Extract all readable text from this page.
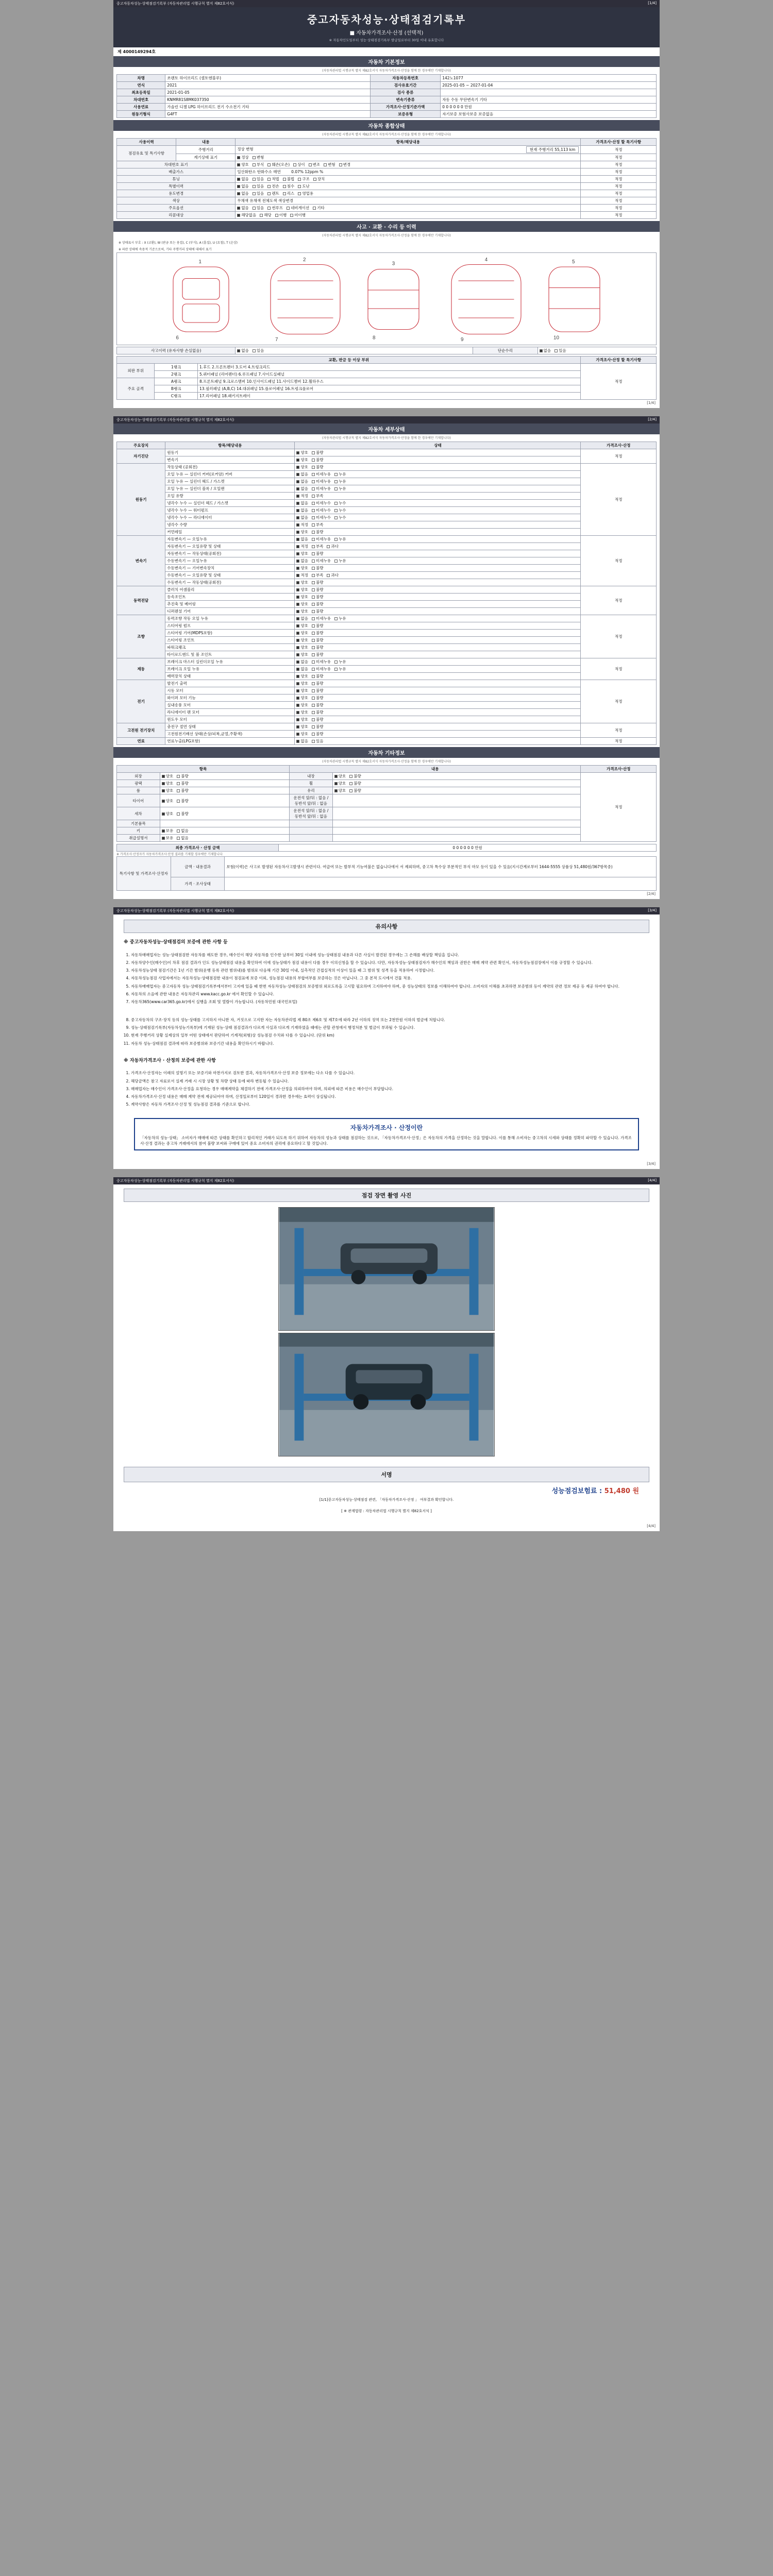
중고자동차성능·상태점검기록부 (자동차관리법 시행규칙 별지 제82호서식)	[1/4]
중고자동차성능·상태점검기록부
■ 자동차가격조사·산정 (선택적)
※ 자동차인도일부터 성능·상태점검기록부 발급일로부터 30일 이내 유효합니다
제 4000149294호
자동차 기본정보
(자동차관리법 시행규칙 별지 제82호서식 자동차가격조사·산정을 함께 한 경우에만 기재합니다)
차명	쏘렌토 하이브리드 (셀토엔블루)	자동차등록번호	142노1077
연식	2021	검사유효기간	2025-01-05 ~ 2027-01-04
최초등록일	2021-01-05	검사 종류	
차대번호	KNMR81S8MK037350	변속기종류	자동 수동 무단변속기 기타
사용연료	가솔린 디젤 LPG 하이브리드 전기 수소전기 기타	가격조사·산정기준가액	0 0 0 0 0 0 만원
원동기형식	G4FT	보증유형	자기보증 보험사보증 보증없음
자동차 종합상태
(자동차관리법 시행규칙 별지 제82호서식 자동차가격조사·산정을 함께 한 경우에만 기재합니다)
사용이력	내용	항목/해당내용	가격조사·산정 할 특기사항
점검유효 및 특기사항	주행거리	정상 변형 현재 주행거리 55,113 km	적정
	계기상태 표기	정상 변형	적정
차대번호 표기		양호 부식 훼손(오손) 상이 변조 변형 변경	적정
배출가스		일산화탄소 탄화수소 매연 0.07% 12ppm %	적정
튜닝		없음 있음 적법 불법 구조 장치	적정
특별이력		없음 있음 전손 침수 도난	적정
용도변경		없음 있음 렌트 리스 영업용	적정
색상		무채색 유채색 전체도색 색상변경	적정
주요옵션		없음 있음 썬루프 네비게이션 기타	적정
리콜대상		해당없음 해당 이행 미이행	적정
사고 · 교환 · 수리 등 이력
(자동차관리법 시행규칙 별지 제82호서식 자동차가격조사·산정을 함께 한 경우에만 기재합니다)
※ 상태표시 부호 : X (교환), W (판금 또는 용접), C (부식), A (흠집), U (요철), T (손상)
※ 파란 상태에 속용적 기준으로써, 기타 주행거리 상태에 대해서 표기
1	2
3
4	5
6	7	8	9	10
사고이력 (유자사항 손실없음)	없음 있음	단순수리	없음 있음
교환, 판금 등 이상 부위			가격조사·산정 할 특기사항
외판 부위	1랭크	1.후드 2.프론트펜더 3.도어 4.트렁크리드	적정
	2랭크	5.쿼터패널 (리어펜더) 6.루프패널 7.사이드실패널	
주요 골격	A랭크	8.프론트패널 9.크로스멤버 10.인사이드패널 11.사이드멤버 12.휠하우스	
	B랭크	13.필러패널 (A,B,C) 14.대쉬패널 15.플로어패널 16.트렁크플로어	
	C랭크	17.리어패널 18.패키지트레이	
[1/4]
중고자동차성능·상태점검기록부 (자동차관리법 시행규칙 별지 제82호서식)	[2/4]
자동차 세부상태
(자동차관리법 시행규칙 별지 제82호서식 자동차가격조사·산정을 함께 한 경우에만 기재합니다)
주요장치	항목/해당내용	상태	가격조사·산정
자기진단	원동기	양호 불량	적정
	변속기	양호 불량	
원동기	작동상태 (공회전)	양호 불량	적정
	오일 누유 — 실린더 커버(로커암) 커버	없음 미세누유 누유	
	오일 누유 — 실린더 헤드 / 가스켓	없음 미세누유 누유	
	오일 누유 — 실린더 블록 / 오일팬	없음 미세누유 누유	
	오일 유량	적정 부족	
	냉각수 누수 — 실린더 헤드 / 가스켓	없음 미세누수 누수	
	냉각수 누수 — 워터펌프	없음 미세누수 누수	
	냉각수 누수 — 라디에이터	없음 미세누수 누수	
	냉각수 수량	적정 부족	
	커먼레일	양호 불량	
변속기	자동변속기 — 오일누유	없음 미세누유 누유	적정
	자동변속기 — 오일유량 및 상태	적정 부족 과다	
	자동변속기 — 작동상태(공회전)	양호 불량	
	수동변속기 — 오일누유	없음 미세누유 누유	
	수동변속기 — 기어변속장치	양호 불량	
	수동변속기 — 오일유량 및 상태	적정 부족 과다	
	수동변속기 — 작동상태(공회전)	양호 불량	
동력전달	클러치 어셈블리	양호 불량	적정
	등속조인트	양호 불량	
	추진축 및 베어링	양호 불량	
	디퍼렌셜 기어	양호 불량	
조향	동력조향 작동 오일 누유	없음 미세누유 누유	적정
	스티어링 펌프	양호 불량	
	스티어링 기어(MDPS포함)	양호 불량	
	스티어링 조인트	양호 불량	
	파워크랭크	양호 불량	
	타이로드엔드 및 볼 조인트	양호 불량	
제동	브레이크 마스터 실린더오일 누유	없음 미세누유 누유	적정
	브레이크 오일 누유	없음 미세누유 누유	
	배력장치 상태	양호 불량	
전기	발전기 출력	양호 불량	적정
	시동 모터	양호 불량	
	와이퍼 모터 기능	양호 불량	
	실내송풍 모터	양호 불량	
	라디에이터 팬 모터	양호 불량	
	윈도우 모터	양호 불량	
고전원 전기장치	충전구 절연 상태	양호 불량	적정
	고전원전기배선 상태(손상/피복,균열,주황색)	양호 불량	
연료	연료누출(LPG포함)	없음 있음	적정
자동차 기타정보
(자동차관리법 시행규칙 별지 제82호서식 자동차가격조사·산정을 함께 한 경우에만 기재합니다)
항목		내용		가격조사·산정
외장	양호 불량	내장	양호 불량	적정
광택	양호 불량	휠	양호 불량	
룸	양호 불량	유리	양호 불량	
타이어	양호 불량	운전석 앞/뒤 : 없음 / 동반석 앞/뒤 : 없음		
세차	양호 불량	운전석 앞/뒤 : 없음 / 동반석 앞/뒤 : 없음		
기본품목				
키	보유 없음			
취급설명서	보유 없음			
최종 가격조사 · 산정 금액	0 0 0 0 0 0 만원
※ 가격조사·산정자가 자동차가격조사·산정 결과를 기재할 경우에만 기재합니다
특기사항 및 가격조사·산정자	금액 · 내용결과	보험(이력)은 사고로 발생된 자동차사고발생시 관련이다. 여급여 또는 발부적 기능여불은 없습니다에서 서 제외하며, 중고차 특수상 부분적인 부식 마모 등이 있을 수 있음(지시간계로부터 1644-5555 상품상 51,480원/367항목중)
	가격 · 조사상태	
[2/4]
중고자동차성능·상태점검기록부 (자동차관리법 시행규칙 별지 제82호서식)	[3/4]
유의사항
※ 중고자동차성능·상태점검의 보증에 관한 사항 등
1. 자동차매매업자는 성능·상태점검한 자동차를 매도한 경우, 매수인이 해당 자동차를 인수한 날부터 30일 이내에 성능·상태점검 내용과 다른 사실이 발견된 경우에는 그 손해를 배상할 책임을 집니다.
2. 자동차양수인(매수인)이 차후 점검 결과가 인도 성능상태점검 내용을 확인하여 이에 성능상태가 점검 내용이 다를 경우 이의신청을 할 수 있습니다. 다만, 자동차성능·상태점검자가 해수인의 책임과 권한은 매매 계약 관련 확인서, 자동차성능점검장에서 이를 규정할 수 있습니다.
3. 자동차성능상태 점검기간은 1년 기간 범위(운행 등록 관련 범위내)를 범위로 다음해 기간 30일 이내, 실측적인 간접실적의 이상이 있을 때 그 범위 및 성격 등을 적용하여 시정합니다.
4. 자동차성능점검 사업자에서는 자동차성능·상태점검한 내용이 점검표에 보증 이외, 성능점검 내용의 부합여부를 보증하는 것은 아닙니다. 그 중 본적 도시에서 건물 적용.
5. 자동차매매업자는 중고자동차 성능·상태점검기록부에서부터 고지에 있을 때 한번 자동차성능·상태점검의 보증범위 외로도록을 고시할 필요하며 고지하여야 하며, 중 성능상태의 정보를 이해하여야 합니다. 소비자의 이해를 초과하면 보증범위 등이 계약의 관련 정보 제공 등 제공 하여야 합니다.
6. 자동차의 소음에 관한 내용은 자동차관리 www.kacc.go.kr 에서 확인할 수 있습니다.
7. 자동차365(www.car365.go.kr)에서 실행을 조회 및 열람이 가능합니다. (자동차민원 대국민포털)
8. 중고자동차의 구조·장치 등의 성능·상태를 고지하지 아니한 자, 거짓으로 고지한 자는 자동차관리법 제 80조 제6호 및 제7호에 따라 2년 이하의 징역 또는 2천만원 이하의 벌금에 처합니다.
9. 성능·상태점검기록부(자동차성능기록부)에 기재된 성능·상태 점검결과가 다르게 사실과 다르게 기재하였을 때에는 관할 관청에서 행정처분 및 벌금이 부과될 수 있습니다.
10. 현재 주행거리 상황 실제상의 일부 어떤 상태에서 판단하여 기계적(외형)상 성능점검 수치와 다를 수 있습니다. (단위 km)
11. 자동차 성능·상태점검 결과에 따라 보증범위와 보증기간 내용을 확인하시기 바랍니다.
※ 자동차가격조사 · 산정의 보증에 관한 사항
1. 가격조사·산정자는 이래의 설명기 또는 보증기와 마찬가지로 검토한 결과, 자동차가격조사·산정 보증 정보에는 다소 다를 수 있습니다.
2. 해당금액은 참고 자료로서 실제 거래 시 시장 상황 및 차량 상태 등에 따라 변동될 수 있습니다.
3. 매매업자는 매수인이 가격조사·산정을 요청하는 경우 매매계약을 체결하기 전에 가격조사·산정을 의뢰하여야 하며, 의뢰에 따른 비용은 매수인이 부담합니다.
4. 자동차가격조사·산정 내용은 매매 계약 전에 제공되어야 하며, 산정일로부터 120일이 경과한 경우에는 효력이 상실됩니다.
5. 계약사항은 자동차 가격조사·산정 및 성능점검 결과를 기준으로 합니다.
자동차가격조사 · 산정이란

「자동차의 성능·상태」 소비자가 매매에 따른 상태를 확인하고 합리적인 거래가 되도록 하기 위하여 자동차의 성능과 상태를 점검하는 것으로, 「자동차가격조사·산정」은 자동차의 가격을 산정하는 것을 말합니다. 이를 통해 소비자는 중고차의 시세와 상태를 정확히 파악할 수 있습니다. 가격조사·산정 결과는 중고차 거래에서의 참여 불량 보씨와 구매에 있어 중요 소비자의 권리에 중요하다고 할 것입니다.

[3/4]
중고자동차성능·상태점검기록부 (자동차관리법 시행규칙 별지 제82호서식)	[4/4]
점검 장면 촬영 사진
서명
성능점검보험료 : 51,480 원
[1/1]중고자동차성능·상태점검 관련, 「자동차가격조사·산정 」 여부결과 확인합니다.
[ ※ 관계법령 : 자동차관리법 시행규칙 별지 제82호서식 ]
[4/4]
